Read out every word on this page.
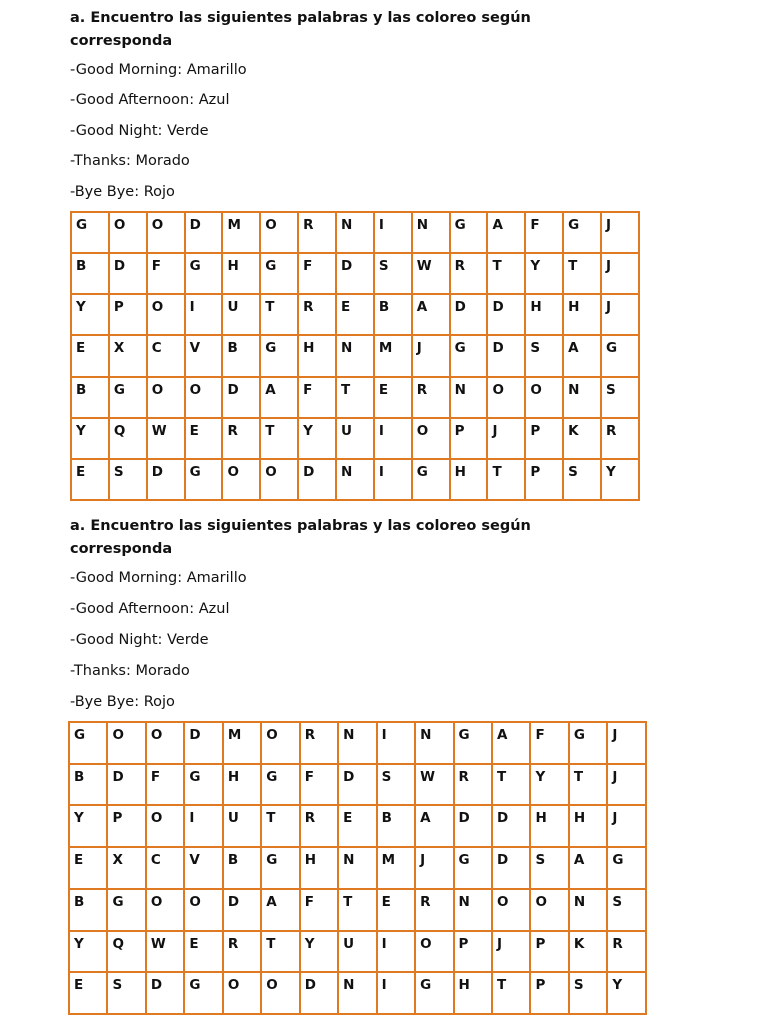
a. Encuentro las siguientes palabras y las coloreo según corresponda

-Good Morning: Amarillo

-Good Afternoon: Azul

-Good Night: Verde

-Thanks: Morado

-Bye Bye: Rojo

G	O	O	D	M	O	R	N	I	N	G	A	F	G	J

B	D	F	G	H	G	F	D	S	W	R	T	Y	T	J

Y	P	O	I	U	T	R	E	B	A	D	D	H	H	J

E	X	C	V	B	G	H	N	M	J	G	D	S	A	G

B	G	O	O	D	A	F	T	E	R	N	O	O	N	S

Y	Q	W	E	R	T	Y	U	I	O	P	J	P	K	R

E	S	D	G	O	O	D	N	I	G	H	T	P	S	Y

a. Encuentro las siguientes palabras y las coloreo según corresponda

-Good Morning: Amarillo

-Good Afternoon: Azul

-Good Night: Verde

-Thanks: Morado

-Bye Bye: Rojo

G	O	O	D	M	O	R	N	I	N	G	A	F	G	J

B	D	F	G	H	G	F	D	S	W	R	T	Y	T	J

Y	P	O	I	U	T	R	E	B	A	D	D	H	H	J

E	X	C	V	B	G	H	N	M	J	G	D	S	A	G

B	G	O	O	D	A	F	T	E	R	N	O	O	N	S

Y	Q	W	E	R	T	Y	U	I	O	P	J	P	K	R

E	S	D	G	O	O	D	N	I	G	H	T	P	S	Y
